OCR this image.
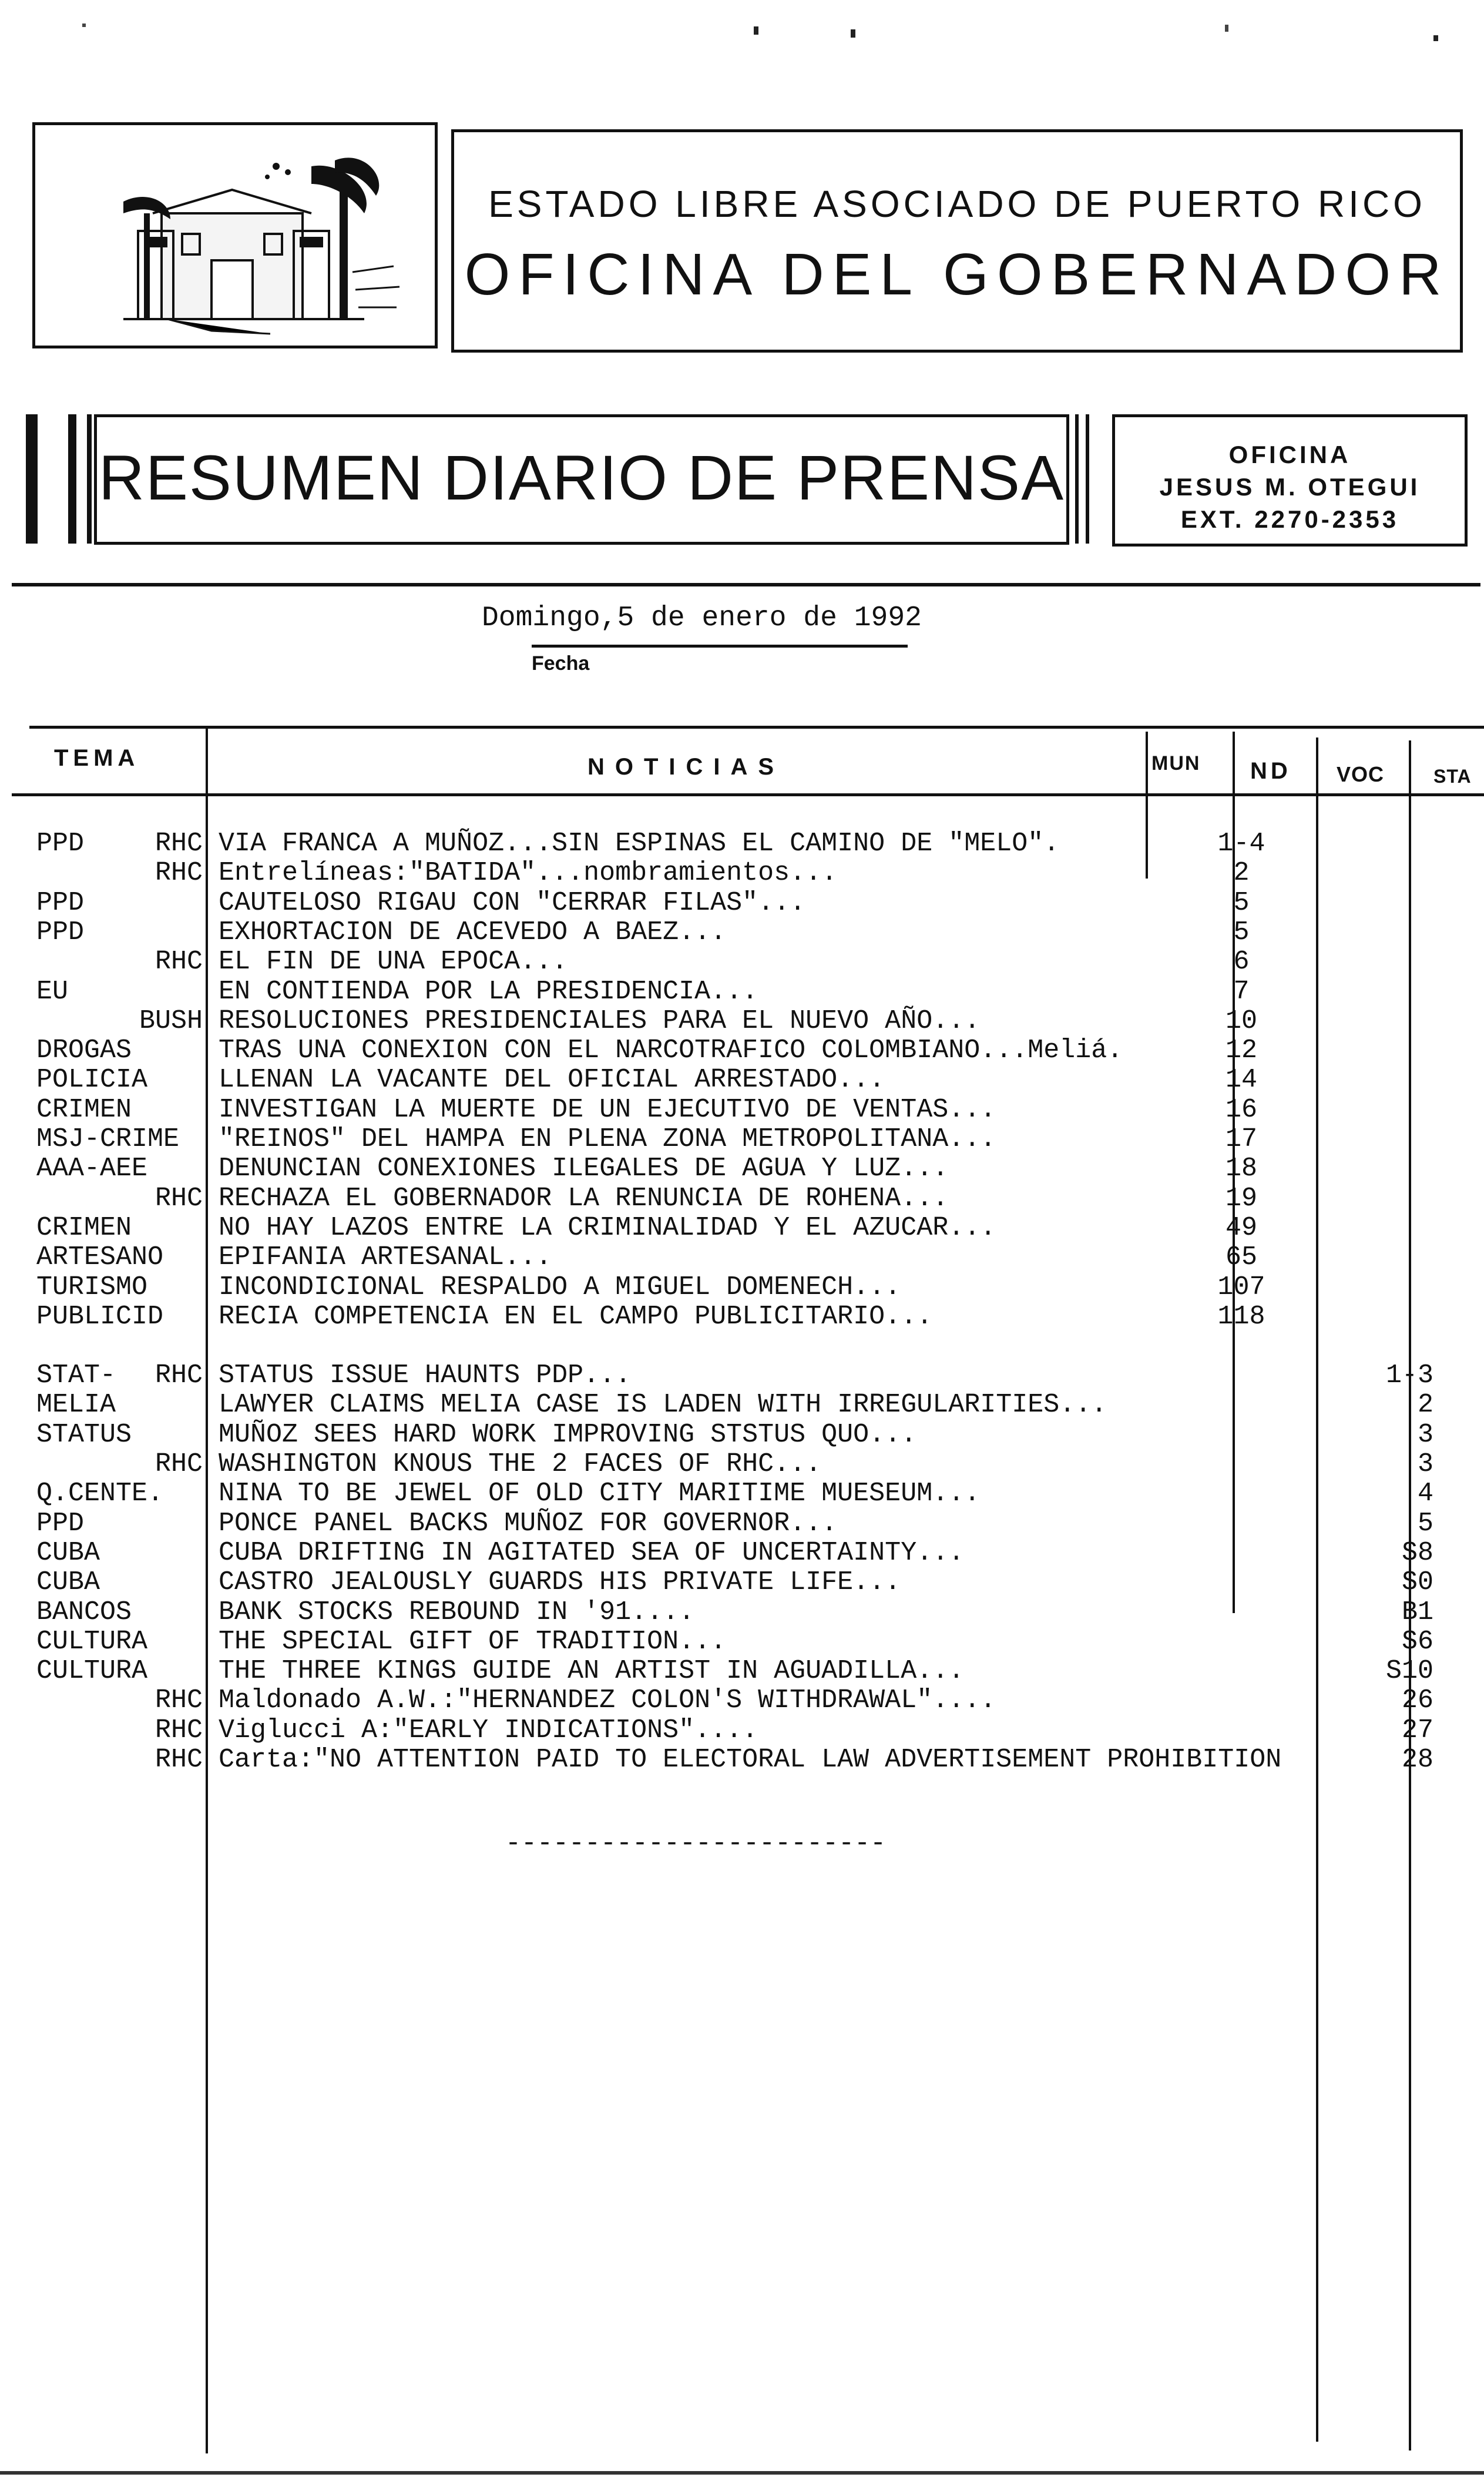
ESTADO LIBRE ASOCIADO DE PUERTO RICO
OFICINA DEL GOBERNADOR
RESUMEN DIARIO DE PRENSA	OFICINA
JESUS M. OTEGUI
EXT. 2270-2353
Domingo,5 de enero de 1992
Fecha
TEMA	NOTICIAS	MUN ND VOC	STA
PPD	RHC VIA FRANCA A MUÑOZ...SIN ESPINAS EL CAMINO DE "MELO".	1-4
RHC Entrelíneas:"BATIDA"...nombramientos...	2
PPD	CAUTELOSO RIGAU CON "CERRAR FILAS"...	5
PPD	EXHORTACION DE ACEVEDO A BAEZ...	5
RHC EL FIN DE UNA EPOCA...	6
EU	EN CONTIENDA POR LA PRESIDENCIA...	7
BUSH RESOLUCIONES PRESIDENCIALES PARA EL NUEVO AÑO...	10
DROGAS	TRAS UNA CONEXION CON EL NARCOTRAFICO COLOMBIANO...Meliá.	12
POLICIA	LLENAN LA VACANTE DEL OFICIAL ARRESTADO...	14
CRIMEN	INVESTIGAN LA MUERTE DE UN EJECUTIVO DE VENTAS...	16
MSJ-CRIME "REINOS" DEL HAMPA EN PLENA ZONA METROPOLITANA...	17
AAA-AEE	DENUNCIAN CONEXIONES ILEGALES DE AGUA Y LUZ...	18
RHC RECHAZA EL GOBERNADOR LA RENUNCIA DE ROHENA...	19
CRIMEN	NO HAY LAZOS ENTRE LA CRIMINALIDAD Y EL AZUCAR...	49
ARTESANO EPIFANIA ARTESANAL...	65
TURISMO	INCONDICIONAL RESPALDO A MIGUEL DOMENECH...	107
PUBLICID RECIA COMPETENCIA EN EL CAMPO PUBLICITARIO...	118
STAT-	RHC STATUS ISSUE HAUNTS PDP...	1-3
MELIA	LAWYER CLAIMS MELIA CASE IS LADEN WITH IRREGULARITIES...	2
STATUS	MUÑOZ SEES HARD WORK IMPROVING STSTUS QUO...	3
RHC WASHINGTON KNOUS THE 2 FACES OF RHC...	3
Q.CENTE. NINA TO BE JEWEL OF OLD CITY MARITIME MUESEUM...	4
PPD	PONCE PANEL BACKS MUÑOZ FOR GOVERNOR...	5
CUBA	CUBA DRIFTING IN AGITATED SEA OF UNCERTAINTY...	S8
CUBA	CASTRO JEALOUSLY GUARDS HIS PRIVATE LIFE...	S0
BANCOS	BANK STOCKS REBOUND IN '91....	B1
CULTURA	THE SPECIAL GIFT OF TRADITION...	S6
CULTURA	THE THREE KINGS GUIDE AN ARTIST IN AGUADILLA...	S10
RHC Maldonado A.W.:"HERNANDEZ COLON'S WITHDRAWAL"....	26
RHC Viglucci A:"EARLY INDICATIONS"....	27
RHC Carta:"NO ATTENTION PAID TO ELECTORAL LAW ADVERTISEMENT PROHIBITION	28
------------------------
